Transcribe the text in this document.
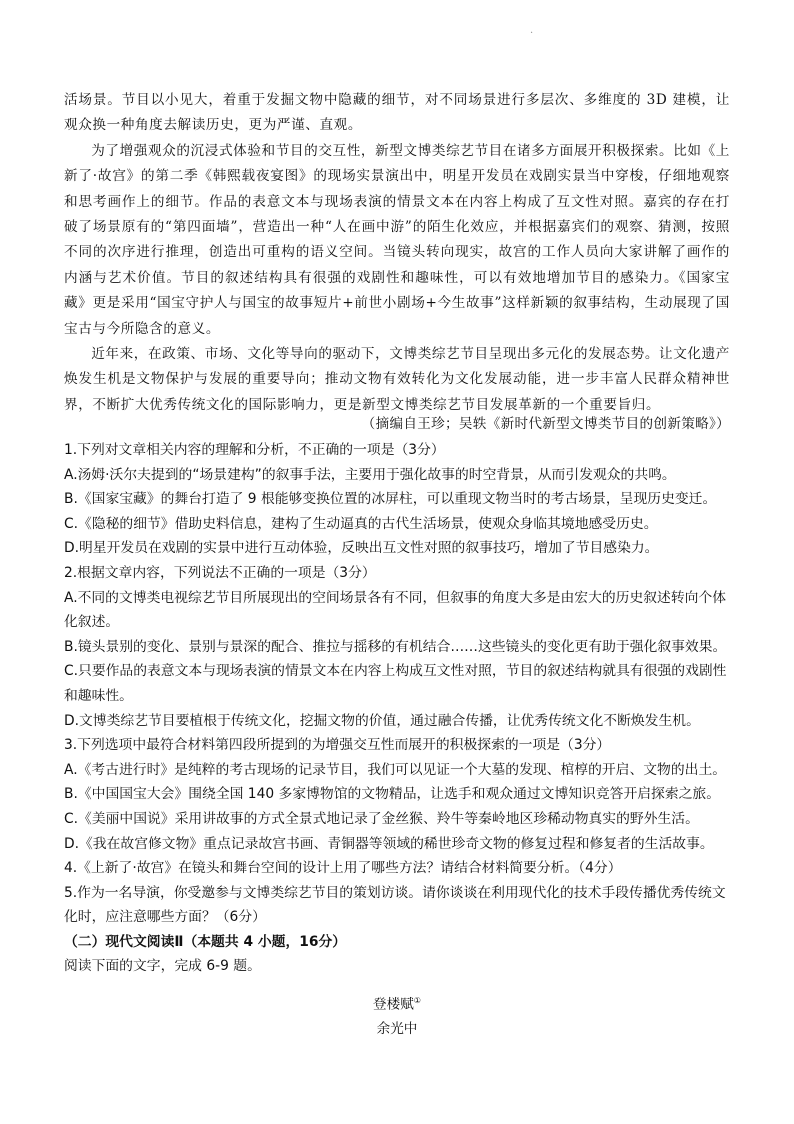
·

活场景。节目以小见大，着重于发掘文物中隐藏的细节，对不同场景进行多层次、多维度的 3D 建模，让观众换一种角度去解读历史，更为严谨、直观。

为了增强观众的沉浸式体验和节目的交互性，新型文博类综艺节目在诸多方面展开积极探索。比如《上新了·故宫》的第二季《韩熙载夜宴图》的现场实景演出中，明星开发员在戏剧实景当中穿梭，仔细地观察和思考画作上的细节。作品的表意文本与现场表演的情景文本在内容上构成了互文性对照。嘉宾的存在打破了场景原有的“第四面墙”，营造出一种“人在画中游”的陌生化效应，并根据嘉宾们的观察、猜测，按照不同的次序进行推理，创造出可重构的语义空间。当镜头转向现实，故宫的工作人员向大家讲解了画作的内涵与艺术价值。节目的叙述结构具有很强的戏剧性和趣味性，可以有效地增加节目的感染力。《国家宝藏》更是采用“国宝守护人与国宝的故事短片+前世小剧场+今生故事”这样新颖的叙事结构，生动展现了国宝古与今所隐含的意义。

近年来，在政策、市场、文化等导向的驱动下，文博类综艺节目呈现出多元化的发展态势。让文化遗产焕发生机是文物保护与发展的重要导向；推动文物有效转化为文化发展动能，进一步丰富人民群众精神世界，不断扩大优秀传统文化的国际影响力，更是新型文博类综艺节目发展革新的一个重要旨归。

（摘编自王珍；吴轶《新时代新型文博类节目的创新策略》）

1.下列对文章相关内容的理解和分析，不正确的一项是（3分）

A.汤姆·沃尔夫提到的“场景建构”的叙事手法，主要用于强化故事的时空背景，从而引发观众的共鸣。

B.《国家宝藏》的舞台打造了 9 根能够变换位置的冰屏柱，可以重现文物当时的考古场景，呈现历史变迁。

C.《隐秘的细节》借助史料信息，建构了生动逼真的古代生活场景，使观众身临其境地感受历史。

D.明星开发员在戏剧的实景中进行互动体验，反映出互文性对照的叙事技巧，增加了节目感染力。

2.根据文章内容，下列说法不正确的一项是（3分）

A.不同的文博类电视综艺节目所展现出的空间场景各有不同，但叙事的角度大多是由宏大的历史叙述转向个体化叙述。

B.镜头景别的变化、景别与景深的配合、推拉与摇移的有机结合……这些镜头的变化更有助于强化叙事效果。

C.只要作品的表意文本与现场表演的情景文本在内容上构成互文性对照，节目的叙述结构就具有很强的戏剧性和趣味性。

D.文博类综艺节目要植根于传统文化，挖掘文物的价值，通过融合传播，让优秀传统文化不断焕发生机。

3.下列选项中最符合材料第四段所提到的为增强交互性而展开的积极探索的一项是（3分）

A.《考古进行时》是纯粹的考古现场的记录节目，我们可以见证一个大墓的发现、棺椁的开启、文物的出土。

B.《中国国宝大会》围绕全国 140 多家博物馆的文物精品，让选手和观众通过文博知识竞答开启探索之旅。

C.《美丽中国说》采用讲故事的方式全景式地记录了金丝猴、羚牛等秦岭地区珍稀动物真实的野外生活。

D.《我在故宫修文物》重点记录故宫书画、青铜器等领域的稀世珍奇文物的修复过程和修复者的生活故事。

4.《上新了·故宫》在镜头和舞台空间的设计上用了哪些方法？请结合材料简要分析。（4分）

5.作为一名导演，你受邀参与文博类综艺节目的策划访谈。请你谈谈在利用现代化的技术手段传播优秀传统文化时，应注意哪些方面？（6分）

（二）现代文阅读Ⅱ（本题共 4 小题，16分）

阅读下面的文字，完成 6-9 题。

登楼赋①
余光中
